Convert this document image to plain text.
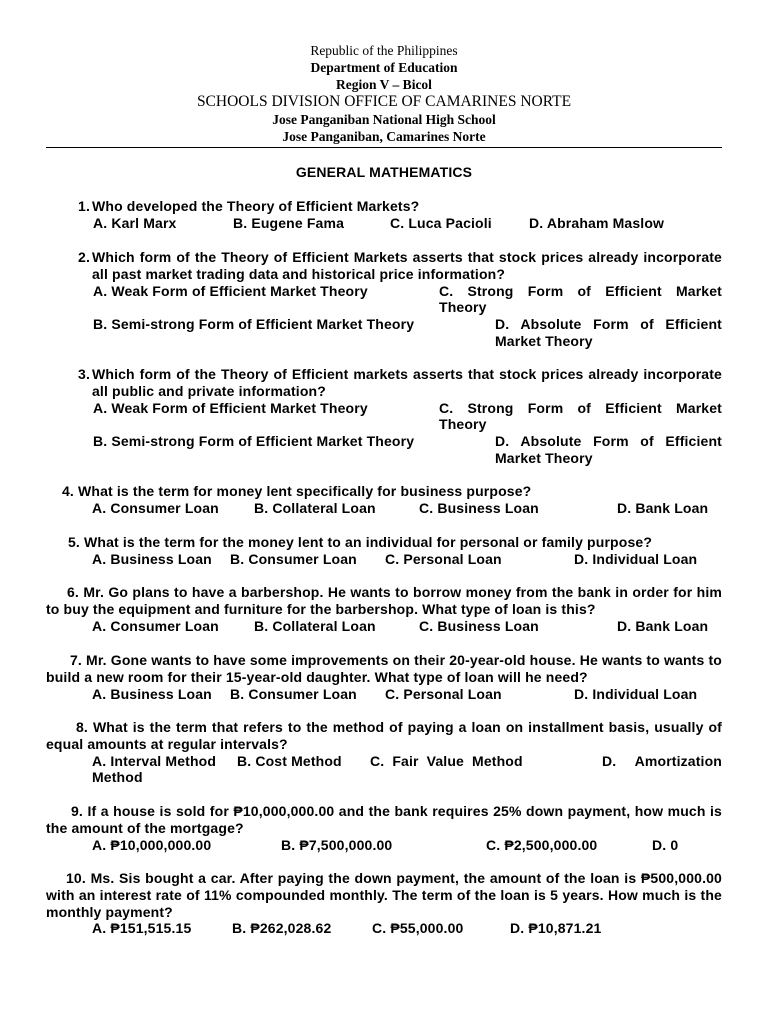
Republic of the Philippines
Department of Education
Region V – Bicol
SCHOOLS DIVISION OFFICE OF CAMARINES NORTE
Jose Panganiban National High School
Jose Panganiban, Camarines Norte
GENERAL MATHEMATICS
1. Who developed the Theory of Efficient Markets?
A. Karl Marx	B. Eugene Fama	C. Luca Pacioli	D. Abraham Maslow
2. Which form of the Theory of Efficient Markets asserts that stock prices already incorporate all past market trading data and historical price information?
A. Weak Form of Efficient Market Theory	C. Strong Form of Efficient Market Theory
B. Semi-strong Form of Efficient Market Theory	D. Absolute Form of Efficient Market Theory
3. Which form of the Theory of Efficient markets asserts that stock prices already incorporate all public and private information?
A. Weak Form of Efficient Market Theory	C. Strong Form of Efficient Market Theory
B. Semi-strong Form of Efficient Market Theory	D. Absolute Form of Efficient Market Theory
4. What is the term for money lent specifically for business purpose?
A. Consumer Loan	B. Collateral Loan	C. Business Loan	D. Bank Loan
5. What is the term for the money lent to an individual for personal or family purpose?
A. Business Loan	B. Consumer Loan	C. Personal Loan	D. Individual Loan
6. Mr. Go plans to have a barbershop. He wants to borrow money from the bank in order for him to buy the equipment and furniture for the barbershop. What type of loan is this?
A. Consumer Loan	B. Collateral Loan	C. Business Loan	D. Bank Loan
7. Mr. Gone wants to have some improvements on their 20-year-old house. He wants to wants to build a new room for their 15-year-old daughter. What type of loan will he need?
A. Business Loan	B. Consumer Loan	C. Personal Loan	D. Individual Loan
8. What is the term that refers to the method of paying a loan on installment basis, usually of equal amounts at regular intervals?
A. Interval Method B. Cost Method C. Fair Value Method	D. Amortization Method
9. If a house is sold for ₱10,000,000.00 and the bank requires 25% down payment, how much is the amount of the mortgage?
A. ₱10,000,000.00	B. ₱7,500,000.00	C. ₱2,500,000.00	D. 0
10. Ms. Sis bought a car. After paying the down payment, the amount of the loan is ₱500,000.00 with an interest rate of 11% compounded monthly. The term of the loan is 5 years. How much is the monthly payment?
A. ₱151,515.15	B. ₱262,028.62	C. ₱55,000.00	D. ₱10,871.21
